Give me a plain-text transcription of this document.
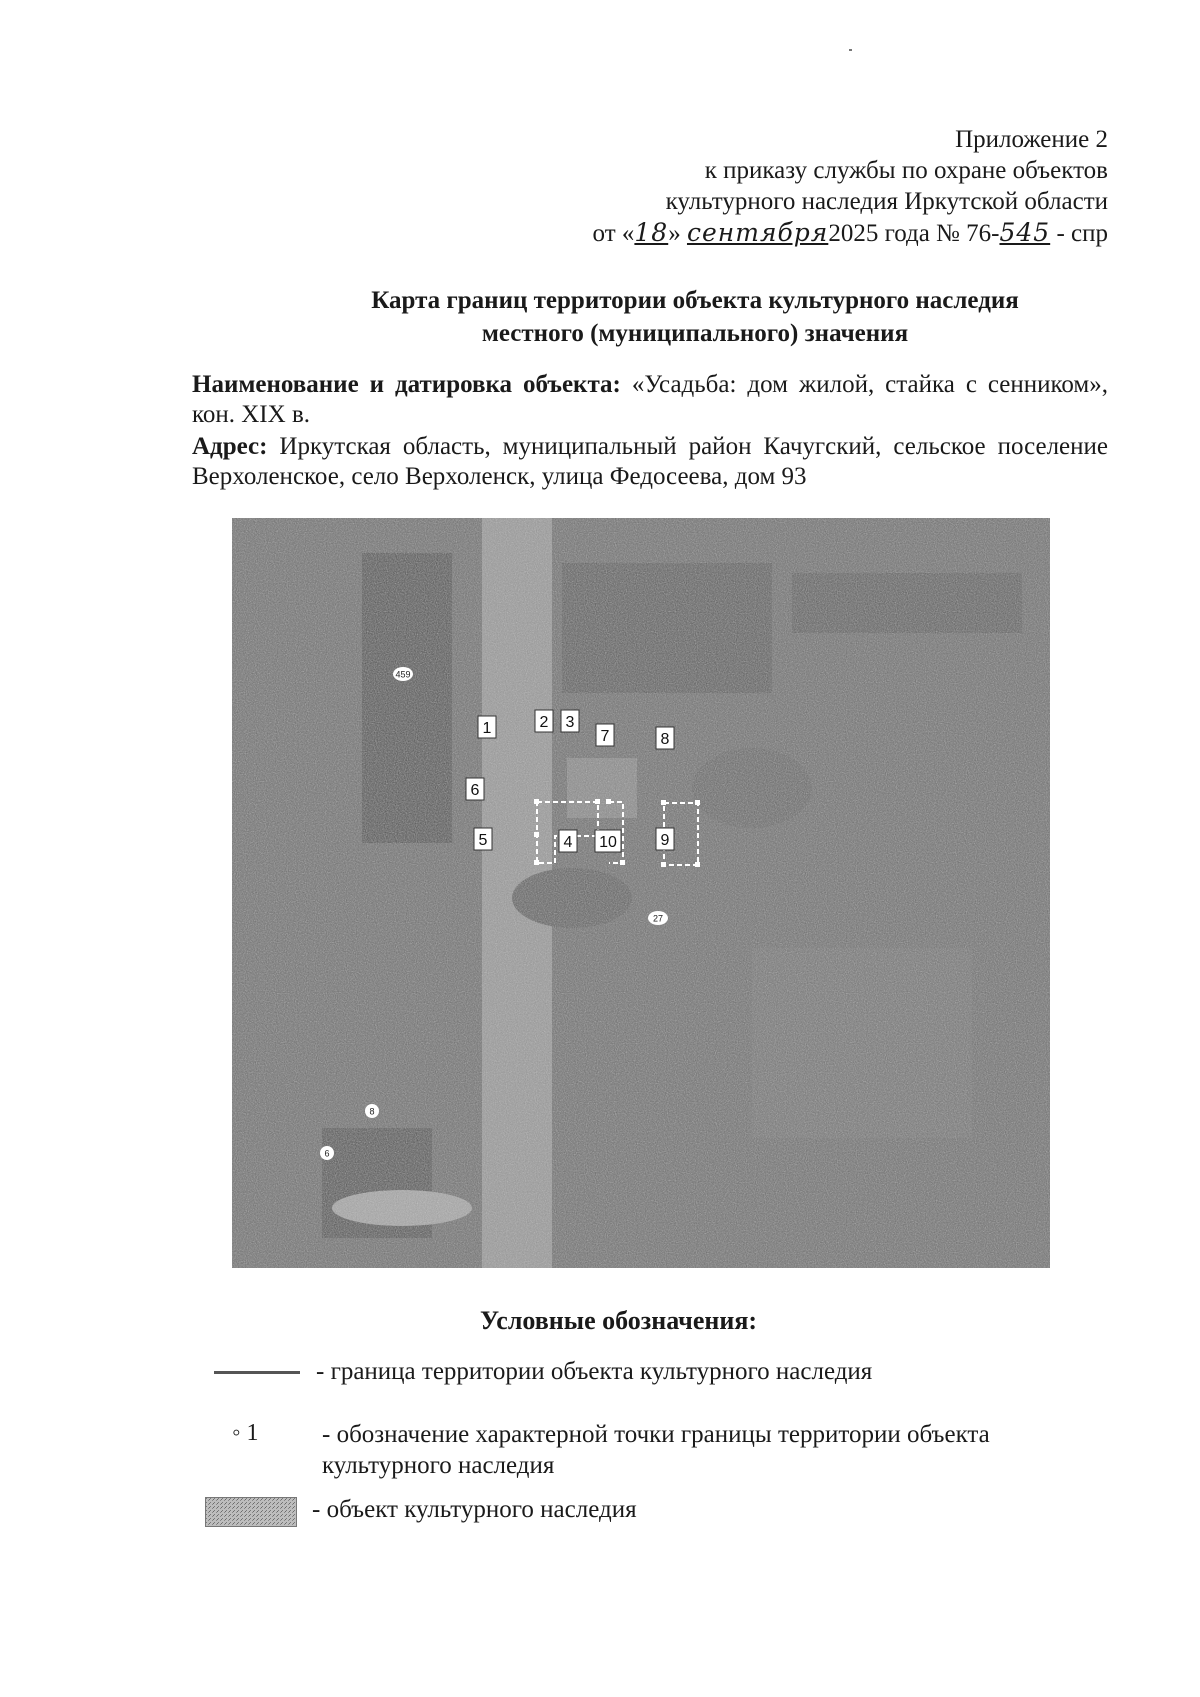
Приложение 2
к приказу службы по охране объектов
культурного наследия Иркутской области
от «18» сентября2025 года № 76-545 - спр
Карта границ территории объекта культурного наследия
местного (муниципального) значения
Наименование и датировка объекта: «Усадьба: дом жилой, стайка с сенником», кон. XIX в.
Адрес: Иркутская область, муниципальный район Качугский, сельское поселение Верхоленское, село Верхоленск, улица Федосеева, дом 93
1	2 3
4
5
6
7	8
9
10
459
27
8
6
Условные обозначения:
- граница территории объекта культурного наследия
◦ 1	- обозначение характерной точки границы территории объекта
культурного наследия
- объект культурного наследия
